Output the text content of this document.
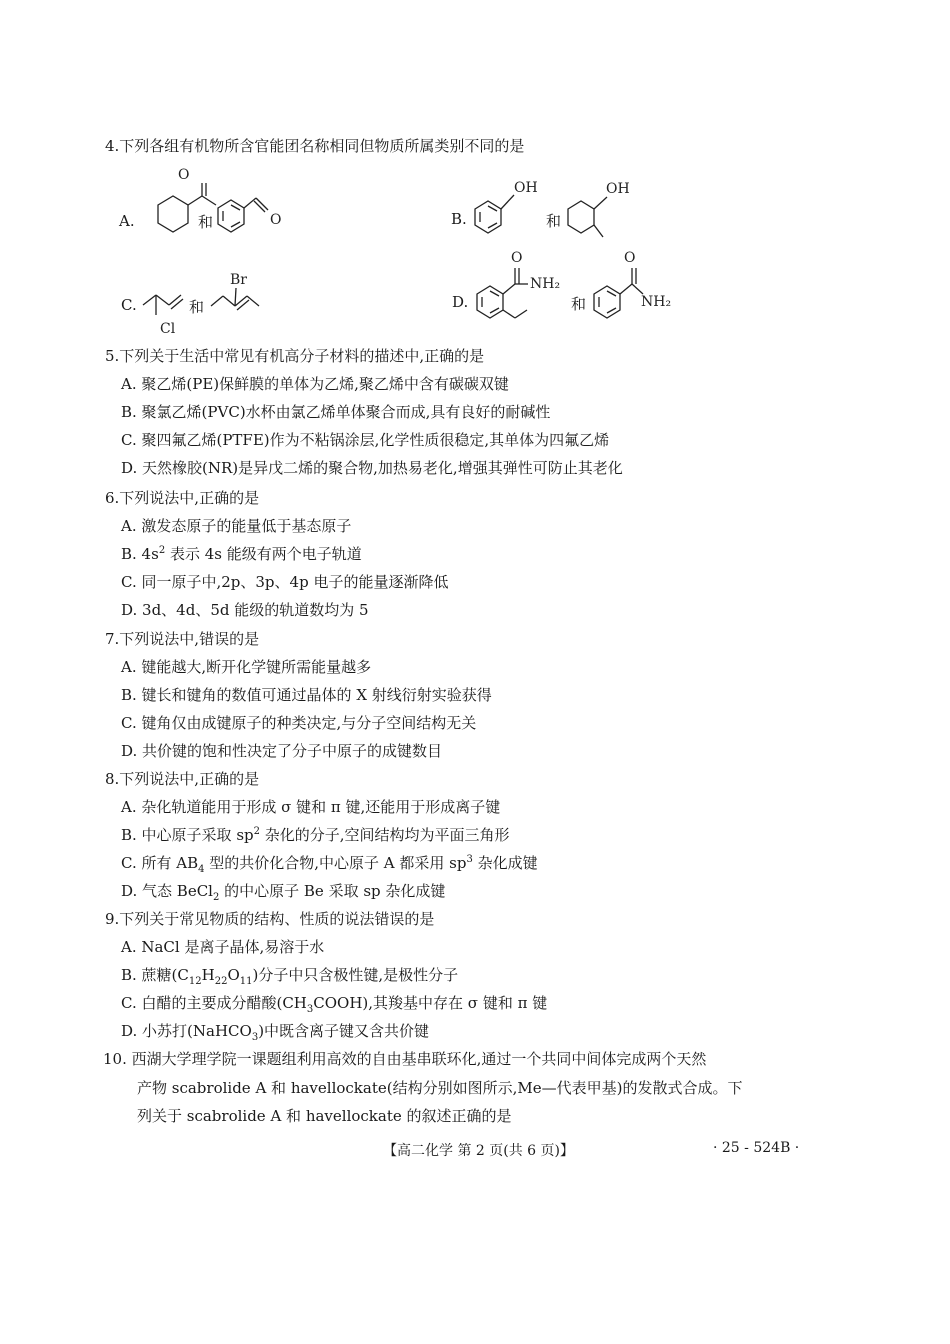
4.下列各组有机物所含官能团名称相同但物质所属类别不同的是
A.
O
和	O	B.
OH
和
OH
C.
Cl
和
Br
D.
O
NH₂
和
O
NH₂
5.下列关于生活中常见有机高分子材料的描述中,正确的是
A. 聚乙烯(PE)保鲜膜的单体为乙烯,聚乙烯中含有碳碳双键
B. 聚氯乙烯(PVC)水杯由氯乙烯单体聚合而成,具有良好的耐碱性
C. 聚四氟乙烯(PTFE)作为不粘锅涂层,化学性质很稳定,其单体为四氟乙烯
D. 天然橡胶(NR)是异戊二烯的聚合物,加热易老化,增强其弹性可防止其老化
6.下列说法中,正确的是
A. 激发态原子的能量低于基态原子
B. $4s^2$ 表示 4s 能级有两个电子轨道
C. 同一原子中,2p、3p、4p 电子的能量逐渐降低
D. 3d、4d、5d 能级的轨道数均为 5
7.下列说法中,错误的是
A. 键能越大,断开化学键所需能量越多
B. 键长和键角的数值可通过晶体的 X 射线衍射实验获得
C. 键角仅由成键原子的种类决定,与分子空间结构无关
D. 共价键的饱和性决定了分子中原子的成键数目
8.下列说法中,正确的是
A. 杂化轨道能用于形成 σ 键和 π 键,还能用于形成离子键
B. 中心原子采取 $sp^2$ 杂化的分子,空间结构均为平面三角形
C. 所有 $AB_4$ 型的共价化合物,中心原子 A 都采用 $sp^3$ 杂化成键
D. 气态 BeCl$_2$ 的中心原子 Be 采取 sp 杂化成键
9.下列关于常见物质的结构、性质的说法错误的是
A. NaCl 是离子晶体,易溶于水
B. 蔗糖$(C_{12}H_{22}O_{11})$分子中只含极性键,是极性分子
C. 白醋的主要成分醋酸$(CH_3COOH)$,其羧基中存在 σ 键和 π 键
D. 小苏打(NaHCO$_3$)中既含离子键又含共价键
10. 西湖大学理学院一课题组利用高效的自由基串联环化,通过一个共同中间体完成两个天然
产物 scabrolide A 和 havellockate(结构分别如图所示,Me—代表甲基)的发散式合成。下
列关于 scabrolide A 和 havellockate 的叙述正确的是
【高二化学 第 2 页(共 6 页)】	· 25 - 524B ·
